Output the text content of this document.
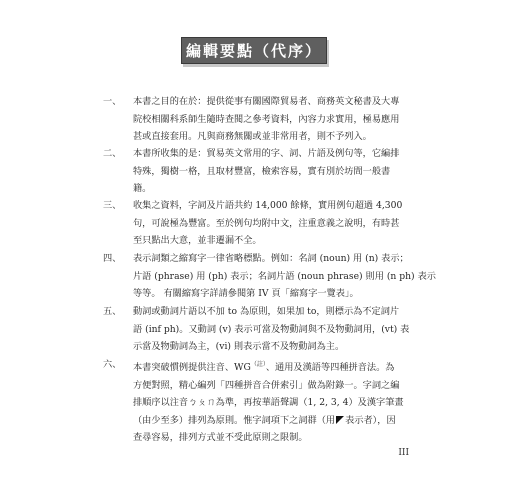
編輯要點（代序）
一、	本書之目的在於：提供從事有關國際貿易者、商務英文秘書及大專
院校相關科系師生隨時查閱之參考資料，內容力求實用，極易應用
甚或直接套用。凡與商務無關或並非常用者，則不予列入。
二、	本書所收集的是：貿易英文常用的字、詞、片語及例句等，它編排
特殊，獨樹一格，且取材豐富，檢索容易，實有別於坊間一般書
籍。
三、	收集之資料，字詞及片語共約 14,000 餘條，實用例句超過 4,300
句，可說極為豐富。至於例句均附中文，注重意義之說明，有時甚
至只點出大意，並非遷漏不全。
四、	表示詞類之縮寫字一律省略標點。例如：名詞 (noun) 用 (n) 表示；
片語 (phrase) 用 (ph) 表示；名詞片語 (noun phrase) 則用 (n ph) 表示
等等。 有關縮寫字詳請參閱第 IV 頁「縮寫字一覽表」。
五、	動詞或動詞片語以不加 to 為原則，如果加 to，則標示為不定詞片
語 (inf ph)。又動詞 (v) 表示可當及物動詞與不及物動詞用，(vt) 表
示當及物動詞為主，(vi) 則表示當不及物動詞為主。
六、	本書突破慣例提供注音、$WG^{(註)}$、通用及漢語等四種拼音法。為
方便對照，精心編列「四種拼音合併索引」做為附錄一。字詞之編
排順序以注音ㄅㄆㄇ為準，再按華語聲調（1, 2, 3, 4）及漢字筆畫
（由少至多）排列為原則。惟字詞項下之詞群（用 表示者），因
查尋容易，排列方式並不受此原則之限制。
III
